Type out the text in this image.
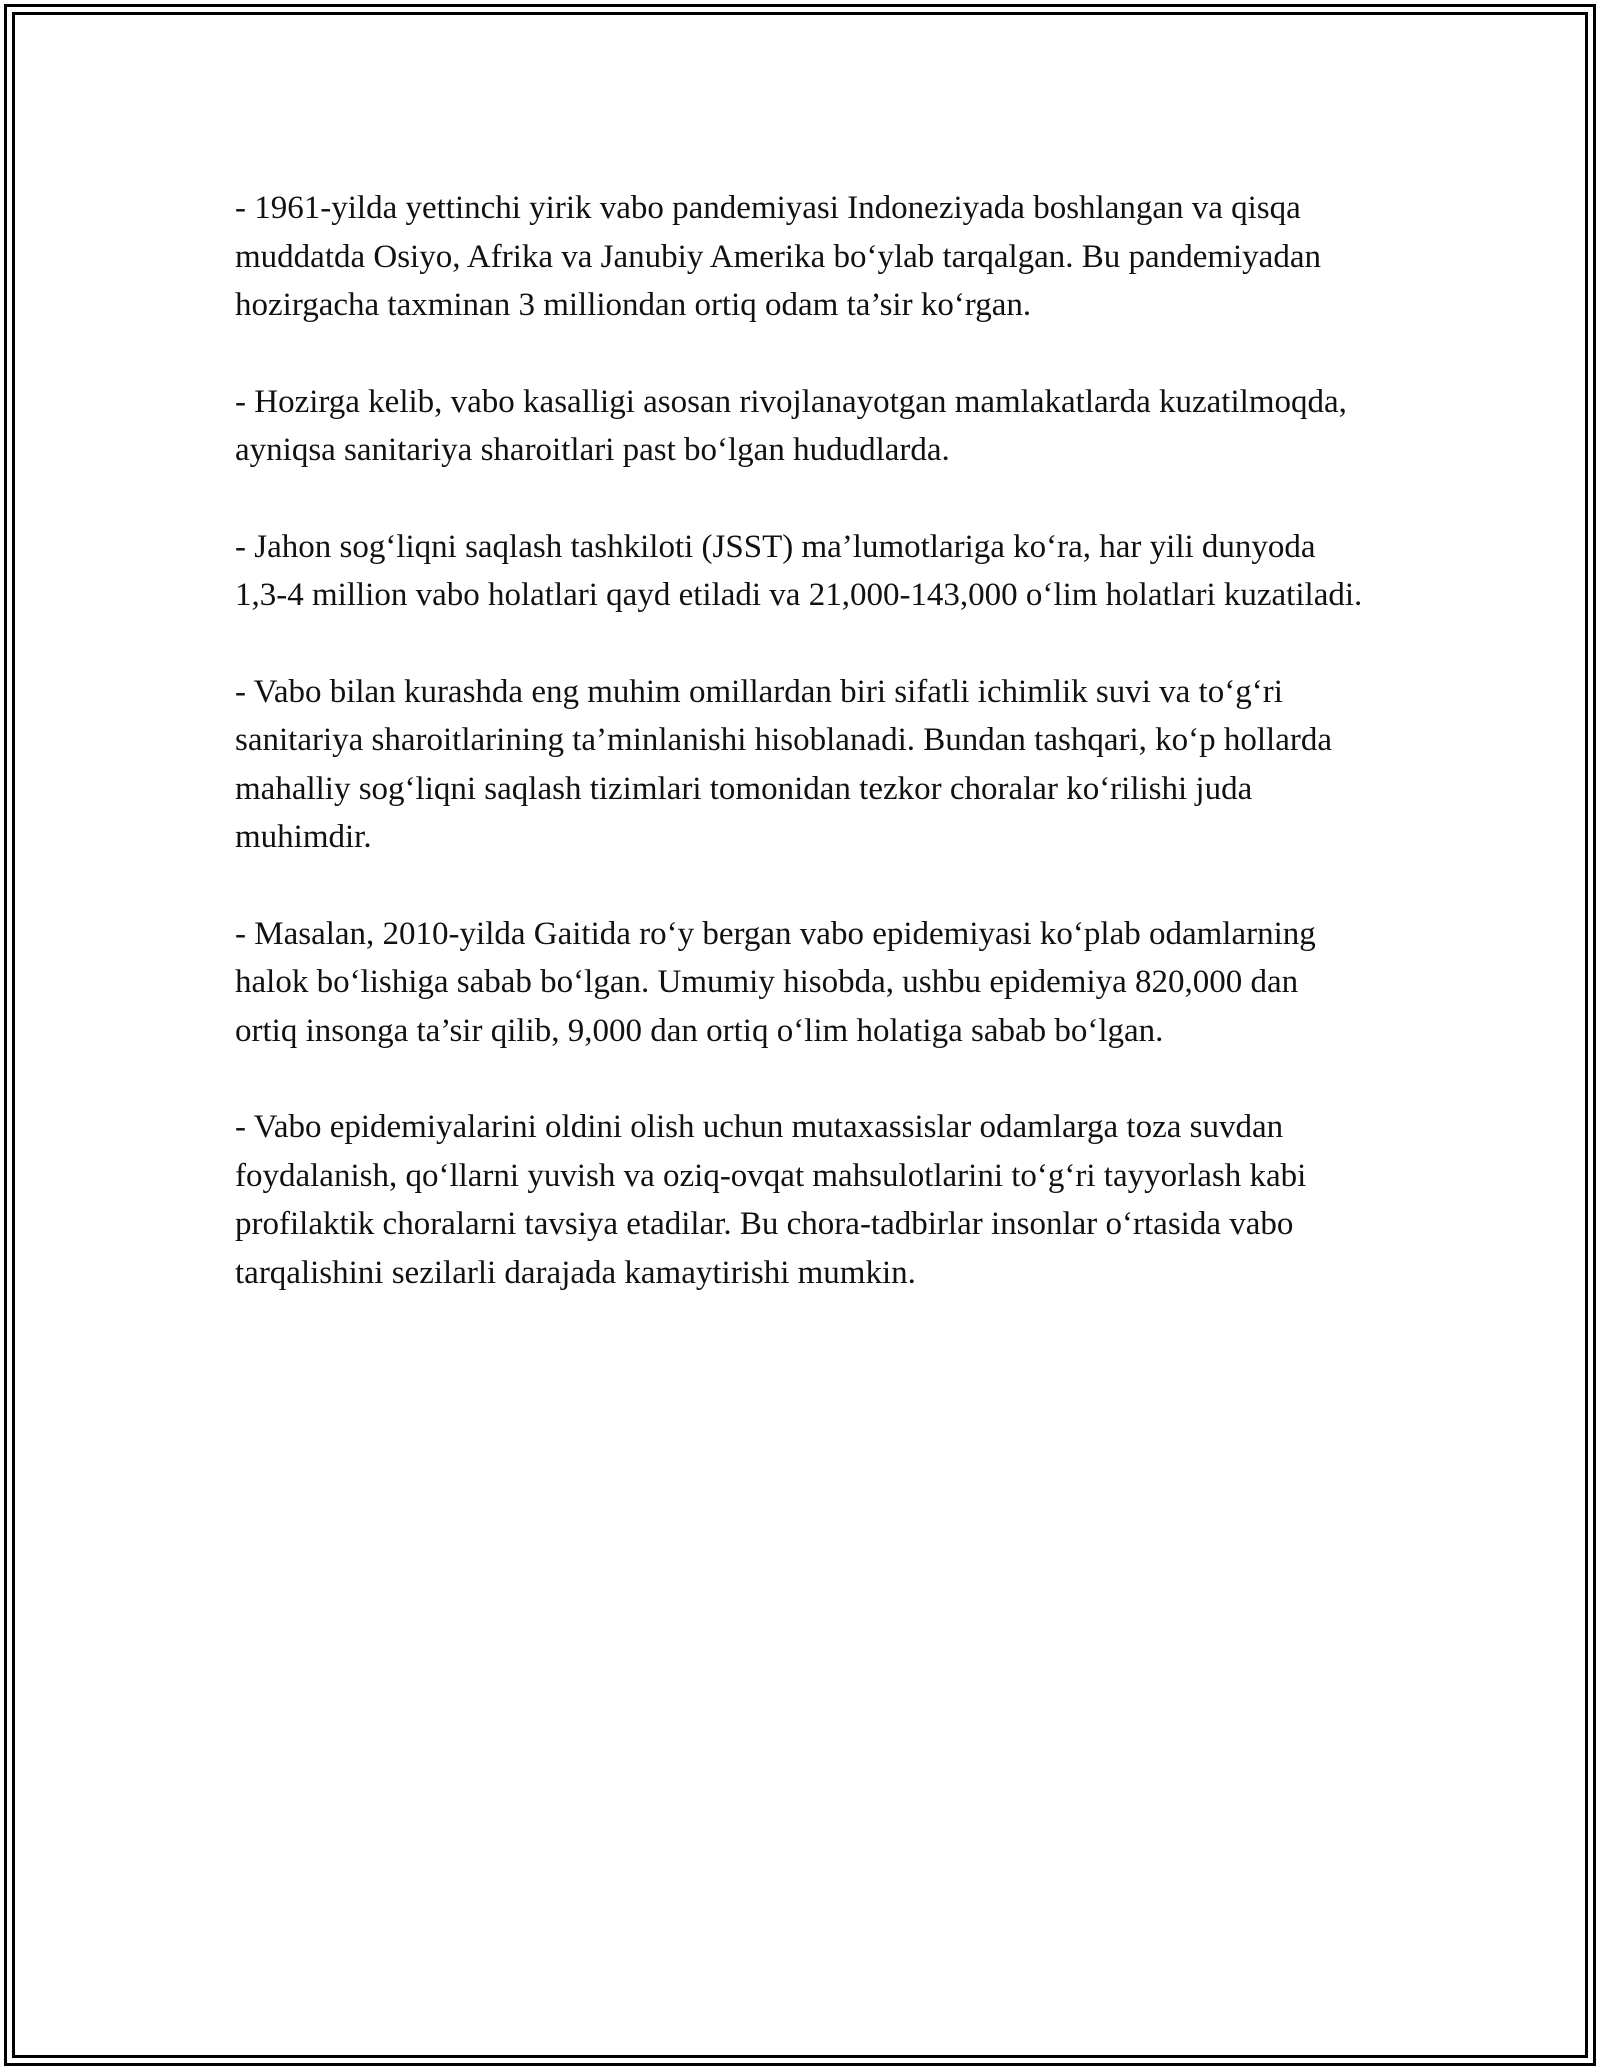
- 1961-yilda yettinchi yirik vabo pandemiyasi Indoneziyada boshlangan va qisqa muddatda Osiyo, Afrika va Janubiy Amerika bo‘ylab tarqalgan. Bu pandemiyadan hozirgacha taxminan 3 milliondan ortiq odam ta’sir ko‘rgan.

- Hozirga kelib, vabo kasalligi asosan rivojlanayotgan mamlakatlarda kuzatilmoqda, ayniqsa sanitariya sharoitlari past bo‘lgan hududlarda.

- Jahon sog‘liqni saqlash tashkiloti (JSST) ma’lumotlariga ko‘ra, har yili dunyoda 1,3-4 million vabo holatlari qayd etiladi va 21,000-143,000 o‘lim holatlari kuzatiladi.

- Vabo bilan kurashda eng muhim omillardan biri sifatli ichimlik suvi va to‘g‘ri sanitariya sharoitlarining ta’minlanishi hisoblanadi. Bundan tashqari, ko‘p hollarda mahalliy sog‘liqni saqlash tizimlari tomonidan tezkor choralar ko‘rilishi juda muhimdir.

- Masalan, 2010-yilda Gaitida ro‘y bergan vabo epidemiyasi ko‘plab odamlarning halok bo‘lishiga sabab bo‘lgan. Umumiy hisobda, ushbu epidemiya 820,000 dan ortiq insonga ta’sir qilib, 9,000 dan ortiq o‘lim holatiga sabab bo‘lgan.

- Vabo epidemiyalarini oldini olish uchun mutaxassislar odamlarga toza suvdan foydalanish, qo‘llarni yuvish va oziq-ovqat mahsulotlarini to‘g‘ri tayyorlash kabi profilaktik choralarni tavsiya etadilar. Bu chora-tadbirlar insonlar o‘rtasida vabo tarqalishini sezilarli darajada kamaytirishi mumkin.
